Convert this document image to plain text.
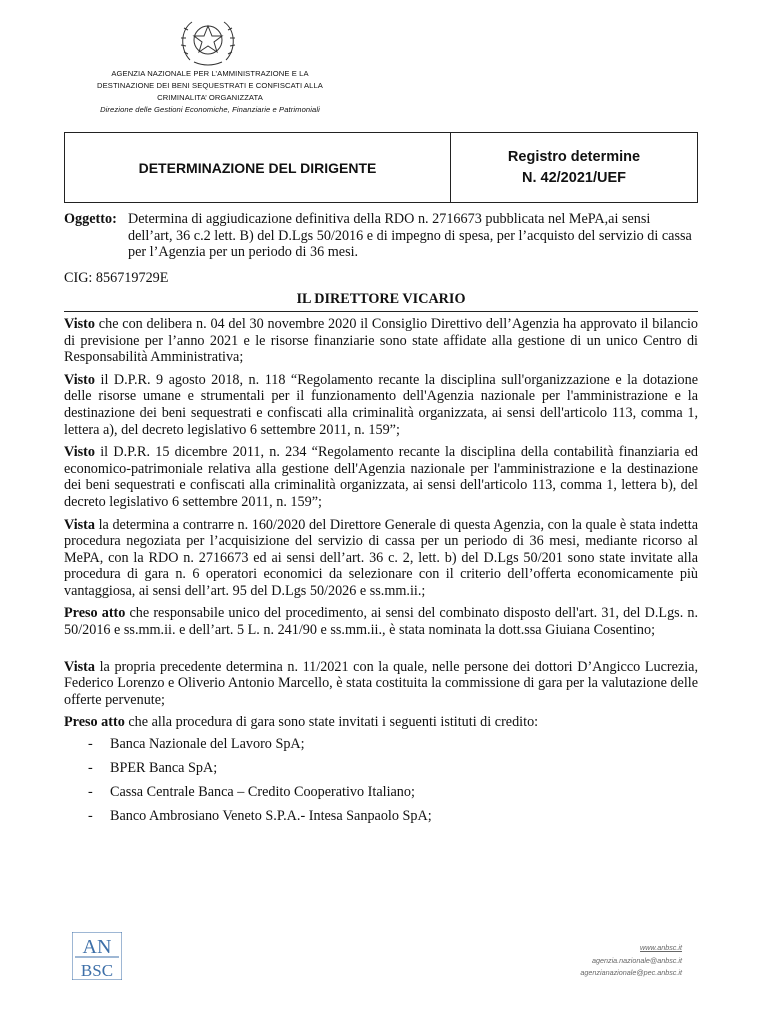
AGENZIA NAZIONALE PER L’AMMINISTRAZIONE E LA
DESTINAZIONE DEI BENI SEQUESTRATI E CONFISCATI ALLA
CRIMINALITA’ ORGANIZZATA
Direzione delle Gestioni Economiche, Finanziarie e Patrimoniali
DETERMINAZIONE DEL DIRIGENTE
Registro determine
N. 42/2021/UEF
Oggetto: Determina di aggiudicazione definitiva della RDO n. 2716673 pubblicata nel MePA,ai sensi dell’art, 36 c.2 lett. B) del D.Lgs 50/2016 e di impegno di spesa, per l’acquisto del servizio di cassa per l’Agenzia per un periodo di 36 mesi.
CIG: 856719729E
IL DIRETTORE VICARIO
Visto che con delibera n. 04 del 30 novembre 2020 il Consiglio Direttivo dell’Agenzia ha approvato il bilancio di previsione per l’anno 2021 e le risorse finanziarie sono state affidate alla gestione di un unico Centro di Responsabilità Amministrativa;
Visto il D.P.R. 9 agosto 2018, n. 118 “Regolamento recante la disciplina sull'organizzazione e la dotazione delle risorse umane e strumentali per il funzionamento dell'Agenzia nazionale per l'amministrazione e la destinazione dei beni sequestrati e confiscati alla criminalità organizzata, ai sensi dell'articolo 113, comma 1, lettera a), del decreto legislativo 6 settembre 2011, n. 159”;
Visto il D.P.R. 15 dicembre 2011, n. 234 “Regolamento recante la disciplina della contabilità finanziaria ed economico-patrimoniale relativa alla gestione dell'Agenzia nazionale per l'amministrazione e la destinazione dei beni sequestrati e confiscati alla criminalità organizzata, ai sensi dell'articolo 113, comma 1, lettera b), del decreto legislativo 6 settembre 2011, n. 159”;
Vista la determina a contrarre n. 160/2020 del Direttore Generale di questa Agenzia, con la quale è stata indetta procedura negoziata per l’acquisizione del servizio di cassa per un periodo di 36 mesi, mediante ricorso al MePA, con la RDO n. 2716673 ed ai sensi dell’art. 36 c. 2, lett. b) del D.Lgs 50/201 sono state invitate alla procedura di gara n. 6 operatori economici da selezionare con il criterio dell’offerta economicamente più vantaggiosa, ai sensi dell’art. 95 del D.Lgs 50/2026 e ss.mm.ii.;
Preso atto che responsabile unico del procedimento, ai sensi del combinato disposto dell'art. 31, del D.Lgs. n. 50/2016 e ss.mm.ii. e dell’art. 5 L. n. 241/90 e ss.mm.ii., è stata nominata la dott.ssa Giuiana Cosentino;
Vista la propria precedente determina n. 11/2021 con la quale, nelle persone dei dottori D’Angicco Lucrezia, Federico Lorenzo e Oliverio Antonio Marcello, è stata costituita la commissione di gara per la valutazione delle offerte pervenute;
Preso atto che alla procedura di gara sono state invitati i seguenti istituti di credito:
-	Banca Nazionale del Lavoro SpA;
-	BPER Banca SpA;
-	Cassa Centrale Banca – Credito Cooperativo Italiano;
-	Banco Ambrosiano Veneto S.P.A.- Intesa Sanpaolo SpA;
AN
BSC
www.anbsc.it
agenzia.nazionale@anbsc.it
agenzianazionale@pec.anbsc.it
